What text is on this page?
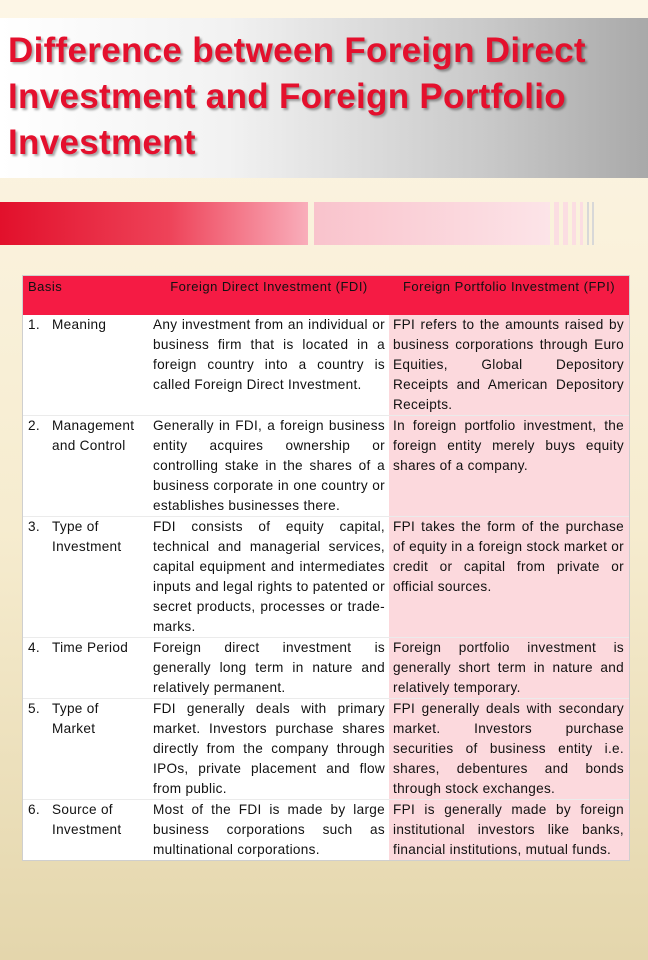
Difference between Foreign Direct Investment and Foreign Portfolio Investment
Basis	Foreign Direct Investment (FDI)	Foreign Portfolio Investment (FPI)

1. Meaning	Any investment from an individual or business firm that is located in a foreign country into a country is called Foreign Direct Investment.	FPI refers to the amounts raised by business corporations through Euro Equities, Global Depository Receipts and American Depository Receipts.

2. Management and Control	Generally in FDI, a foreign business entity acquires ownership or controlling stake in the shares of a business corporate in one country or establishes businesses there.	In foreign portfolio investment, the foreign entity merely buys equity shares of a company.

3. Type of Investment	FDI consists of equity capital, technical and managerial services, capital equipment and intermediates inputs and legal rights to patented or secret products, processes or trade-marks.	FPI takes the form of the purchase of equity in a foreign stock market or credit or capital from private or official sources.

4. Time Period	Foreign direct investment is generally long term in nature and relatively permanent.	Foreign portfolio investment is generally short term in nature and relatively temporary.

5. Type of Market	FDI generally deals with primary market. Investors purchase shares directly from the company through IPOs, private placement and flow from public.	FPI generally deals with secondary market. Investors purchase securities of business entity i.e. shares, debentures and bonds through stock exchanges.

6. Source of Investment	Most of the FDI is made by large business corporations such as multinational corporations.	FPI is generally made by foreign institutional investors like banks, financial institutions, mutual funds.
